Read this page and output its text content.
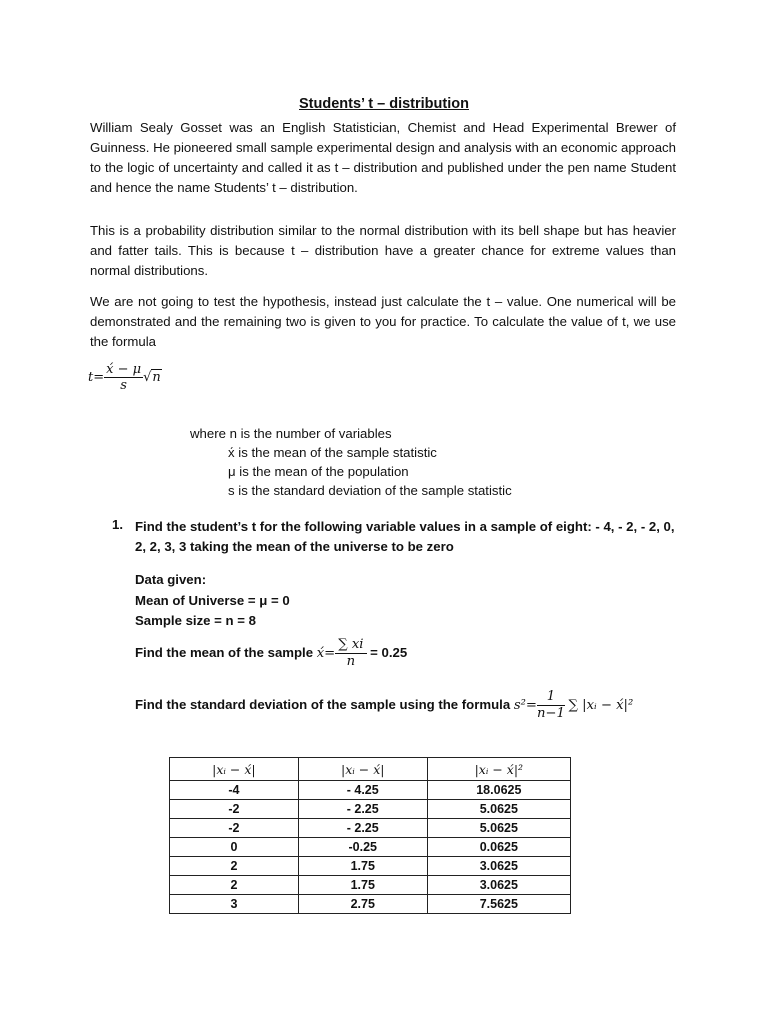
Students’ t – distribution

William Sealy Gosset was an English Statistician, Chemist and Head Experimental Brewer of Guinness. He pioneered small sample experimental design and analysis with an economic approach to the logic of uncertainty and called it as t – distribution and published under the pen name Student and hence the name Students’ t – distribution.

This is a probability distribution similar to the normal distribution with its bell shape but has heavier and fatter tails. This is because t – distribution have a greater chance for extreme values than normal distributions.

We are not going to test the hypothesis, instead just calculate the t – value. One numerical will be demonstrated and the remaining two is given to you for practice. To calculate the value of t, we use the formula

$t= \frac{x́ - \mu}{s} √n$
where n is the number of variables
x́ is the mean of the sample statistic
μ is the mean of the population
s is the standard deviation of the sample statistic
1. Find the student’s t for the following variable values in a sample of eight: - 4, - 2, - 2, 0, 2, 2, 3, 3 taking the mean of the universe to be zero
Data given:
Mean of Universe = μ = 0
Sample size = n = 8
Find the mean of the sample x́= $\frac{\sum xi}{n} = 0.25$
Find the standard deviation of the sample using the formula $s^2= \frac{1}{n-1}$ ∑ |xᵢ − x́|²
|xᵢ − x́|	|xᵢ − x́|	|xᵢ − x́|²
-4	- 4.25	18.0625
-2	- 2.25	5.0625
-2	- 2.25	5.0625
0	-0.25	0.0625
2	1.75	3.0625
2	1.75	3.0625
3	2.75	7.5625
